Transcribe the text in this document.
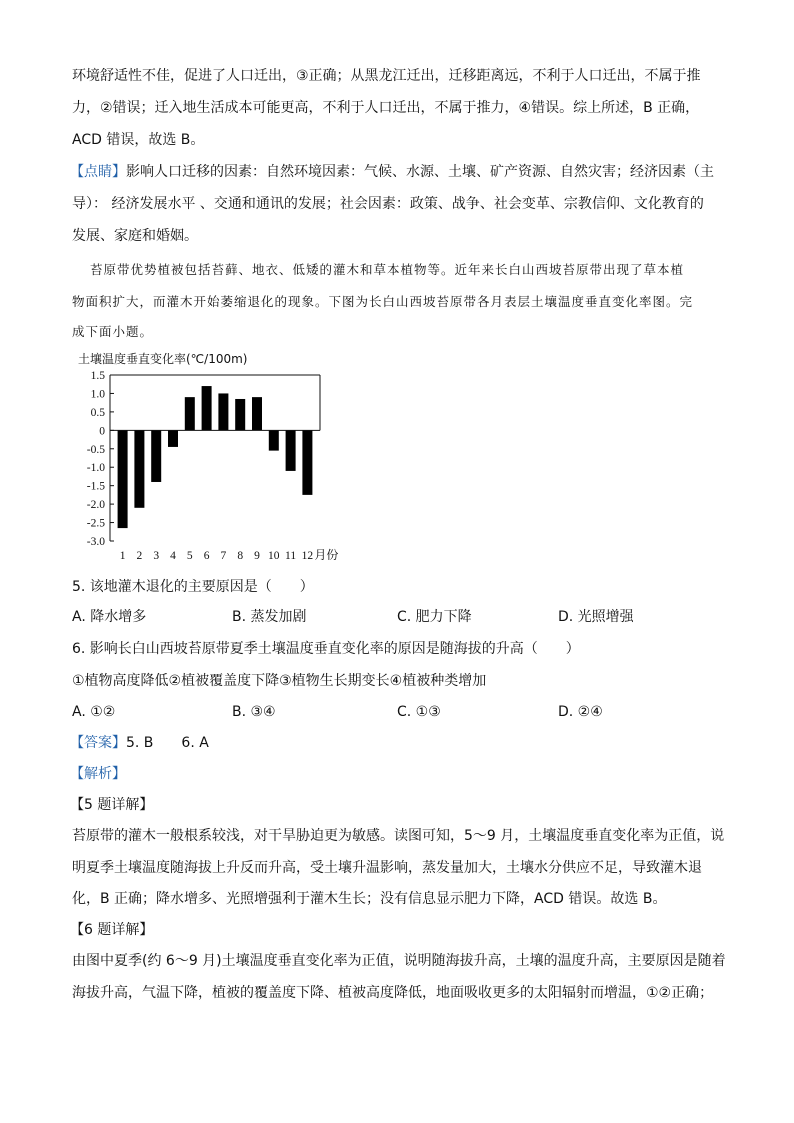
环境舒适性不佳，促进了人口迁出，③正确；从黑龙江迁出，迁移距离远，不利于人口迁出，不属于推
力，②错误；迁入地生活成本可能更高，不利于人口迁出，不属于推力，④错误。综上所述，B 正确，
ACD 错误，故选 B。
【点睛】影响人口迁移的因素：自然环境因素：气候、水源、土壤、矿产资源、自然灾害；经济因素（主
导）： 经济发展水平 、交通和通讯的发展；社会因素：政策、战争、社会变革、宗教信仰、文化教育的
发展、家庭和婚姻。
苔原带优势植被包括苔藓、地衣、低矮的灌木和草本植物等。近年来长白山西坡苔原带出现了草本植
物面积扩大，而灌木开始萎缩退化的现象。下图为长白山西坡苔原带各月表层土壤温度垂直变化率图。完
成下面小题。
土壤温度垂直变化率(℃/100m)
1.5
1.0
0.5
0
-0.5
-1.0
-1.5
-2.0
-2.5
-3.0
1 2 3 4 5 6 7 8 9 10 11 12 月份
5. 该地灌木退化的主要原因是（　　）
A. 降水增多	B. 蒸发加剧	C. 肥力下降	D. 光照增强
6. 影响长白山西坡苔原带夏季土壤温度垂直变化率的原因是随海拔的升高（　　）
①植物高度降低②植被覆盖度下降③植物生长期变长④植被种类增加
A. ①②	B. ③④	C. ①③	D. ②④
【答案】5. B 6. A
【解析】
【5 题详解】
苔原带的灌木一般根系较浅，对干旱胁迫更为敏感。读图可知，5～9 月，土壤温度垂直变化率为正值，说
明夏季土壤温度随海拔上升反而升高，受土壤升温影响，蒸发量加大，土壤水分供应不足，导致灌木退
化，B 正确；降水增多、光照增强利于灌木生长；没有信息显示肥力下降，ACD 错误。故选 B。
【6 题详解】
由图中夏季(约 6～9 月)土壤温度垂直变化率为正值，说明随海拔升高，土壤的温度升高，主要原因是随着
海拔升高，气温下降，植被的覆盖度下降、植被高度降低，地面吸收更多的太阳辐射而增温，①②正确；
